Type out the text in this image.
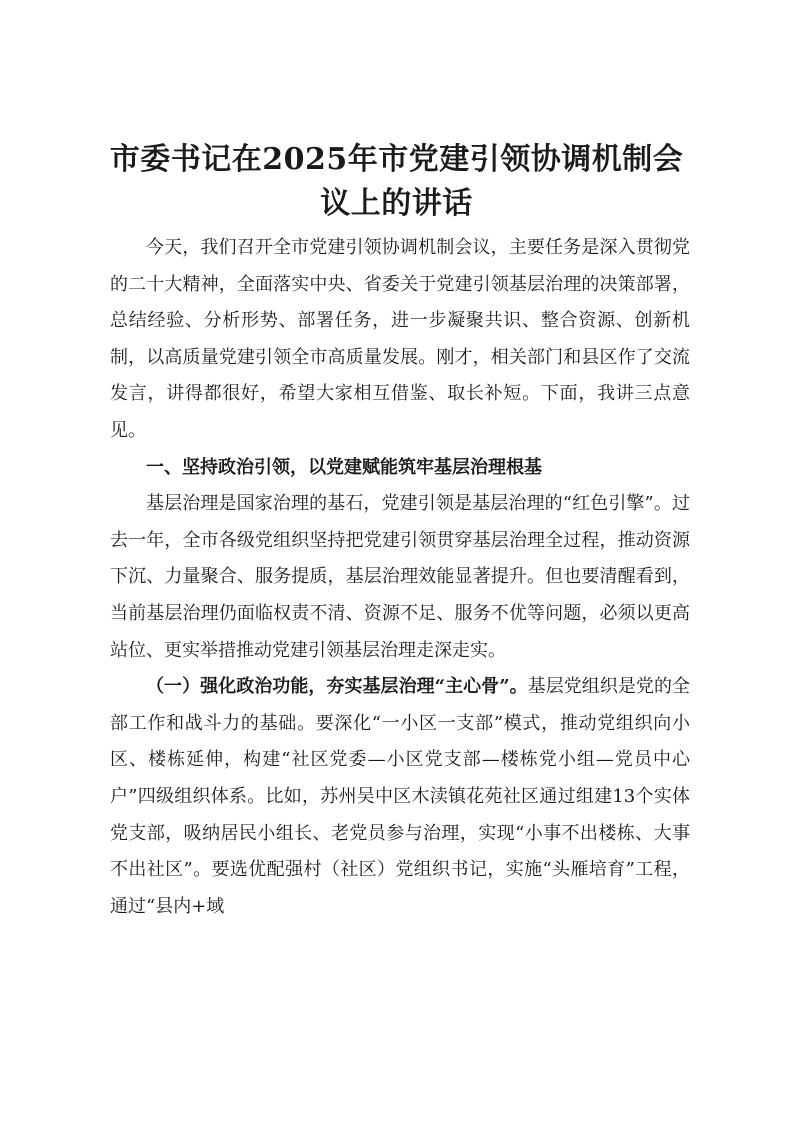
市委书记在2025年市党建引领协调机制会议上的讲话

今天，我们召开全市党建引领协调机制会议，主要任务是深入贯彻党的二十大精神，全面落实中央、省委关于党建引领基层治理的决策部署，总结经验、分析形势、部署任务，进一步凝聚共识、整合资源、创新机制，以高质量党建引领全市高质量发展。刚才，相关部门和县区作了交流发言，讲得都很好，希望大家相互借鉴、取长补短。下面，我讲三点意见。

一、坚持政治引领，以党建赋能筑牢基层治理根基

基层治理是国家治理的基石，党建引领是基层治理的“红色引擎”。过去一年，全市各级党组织坚持把党建引领贯穿基层治理全过程，推动资源下沉、力量聚合、服务提质，基层治理效能显著提升。但也要清醒看到，当前基层治理仍面临权责不清、资源不足、服务不优等问题，必须以更高站位、更实举措推动党建引领基层治理走深走实。

（一）强化政治功能，夯实基层治理“主心骨”。基层党组织是党的全部工作和战斗力的基础。要深化“一小区一支部”模式，推动党组织向小区、楼栋延伸，构建“社区党委—小区党支部—楼栋党小组—党员中心户”四级组织体系。比如，苏州吴中区木渎镇花苑社区通过组建13个实体党支部，吸纳居民小组长、老党员参与治理，实现“小事不出楼栋、大事不出社区”。要选优配强村（社区）党组织书记，实施“头雁培育”工程，通过“县内+域
